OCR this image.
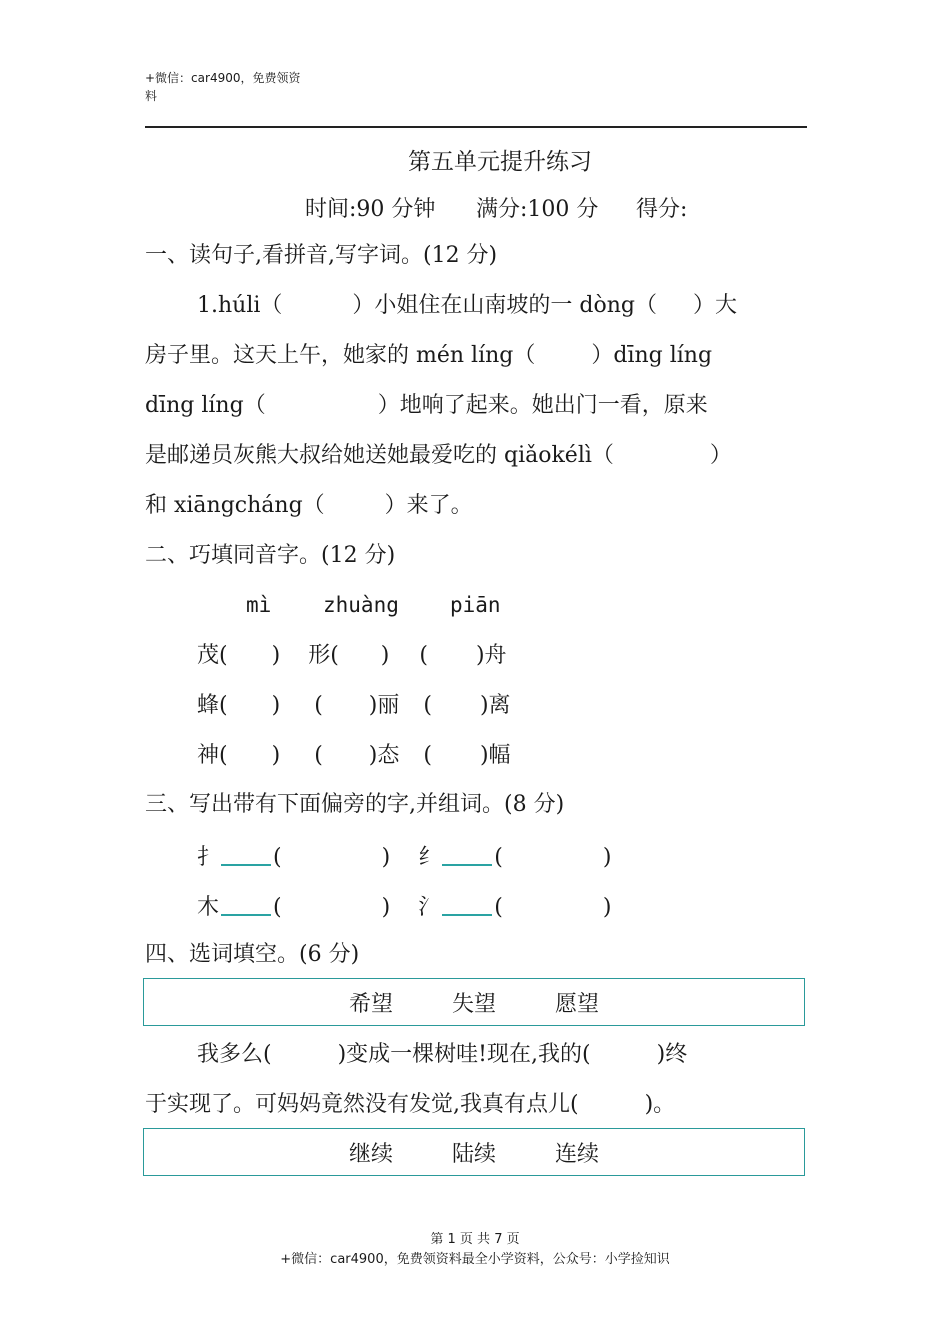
+微信：car4900，免费领资
料
第五单元提升练习
时间:90 分钟 满分:100 分 得分:
一、读句子,看拼音,写字词。(12 分)
1.húli（	）小姐住在山南坡的一 dòng（ ）大
房子里。这天上午，她家的 mén líng（	）dīng líng
dīng líng（	）地响了起来。她出门一看，原来
是邮递员灰熊大叔给她送她最爱吃的 qiǎokélì（	）
和 xiāngcháng（	）来了。
二、巧填同音字。(12 分)
mì zhuàng piān
茂( ) 形( ) ( )舟
蜂( ) ( )丽 ( )离
神( ) ( )态 ( )幅
三、写出带有下面偏旁的字,并组词。(8 分)
扌 (	) 纟 (	)
木 (	) 氵 (	)
四、选词填空。(6 分)
希望	失望	愿望
我多么(	)变成一棵树哇!现在,我的(	)终
于实现了。可妈妈竟然没有发觉,我真有点儿(	)。
继续	陆续	连续
第 1 页 共 7 页
+微信：car4900，免费领资料最全小学资料，公众号：小学捡知识
